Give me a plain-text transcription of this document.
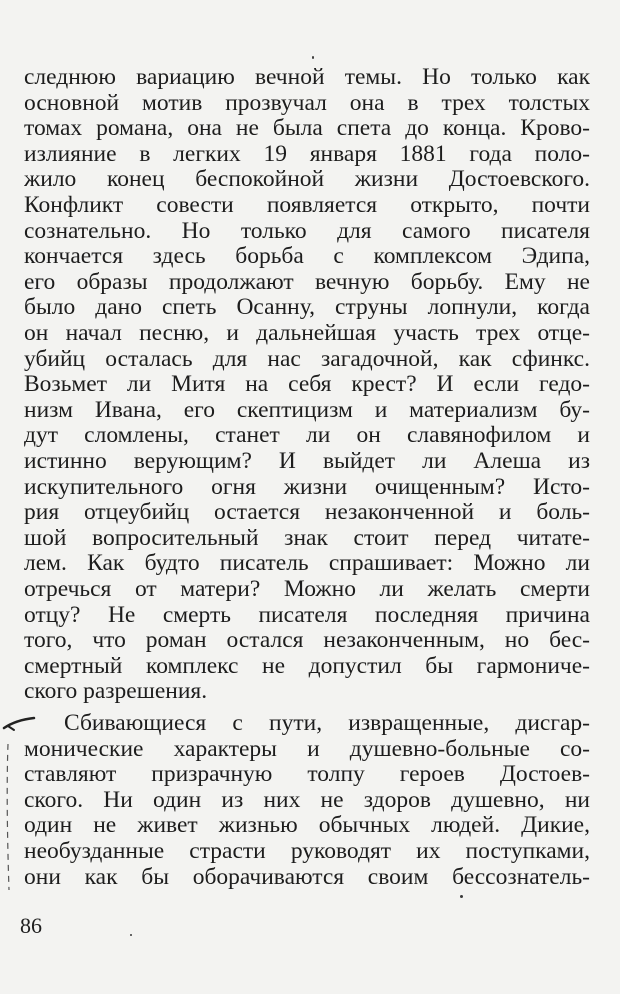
следнюю вариацию вечной темы. Но только как
основной мотив прозвучал она в трех толстых
томах романа, она не была спета до конца. Крово-
излияние в легких 19 января 1881 года поло-
жило конец беспокойной жизни Достоевского.
Конфликт совести появляется открыто, почти
сознательно. Но только для самого писателя
кончается здесь борьба с комплексом Эдипа,
его образы продолжают вечную борьбу. Ему не
было дано спеть Осанну, струны лопнули, когда
он начал песню, и дальнейшая участь трех отце-
убийц осталась для нас загадочной, как сфинкс.
Возьмет ли Митя на себя крест? И если гедо-
низм Ивана, его скептицизм и материализм бу-
дут сломлены, станет ли он славянофилом и
истинно верующим? И выйдет ли Алеша из
искупительного огня жизни очищенным? Исто-
рия отцеубийц остается незаконченной и боль-
шой вопросительный знак стоит перед читате-
лем. Как будто писатель спрашивает: Можно ли
отречься от матери? Можно ли желать смерти
отцу? Не смерть писателя последняя причина
того, что роман остался незаконченным, но бес-
смертный комплекс не допустил бы гармониче-
ского разрешения.
Сбивающиеся с пути, извращенные, дисгар-
монические характеры и душевно-больные со-
ставляют призрачную толпу героев Достоев-
ского. Ни один из них не здоров душевно, ни
один не живет жизнью обычных людей. Дикие,
необузданные страсти руководят их поступками,
они как бы оборачиваются своим бессознатель-
86
